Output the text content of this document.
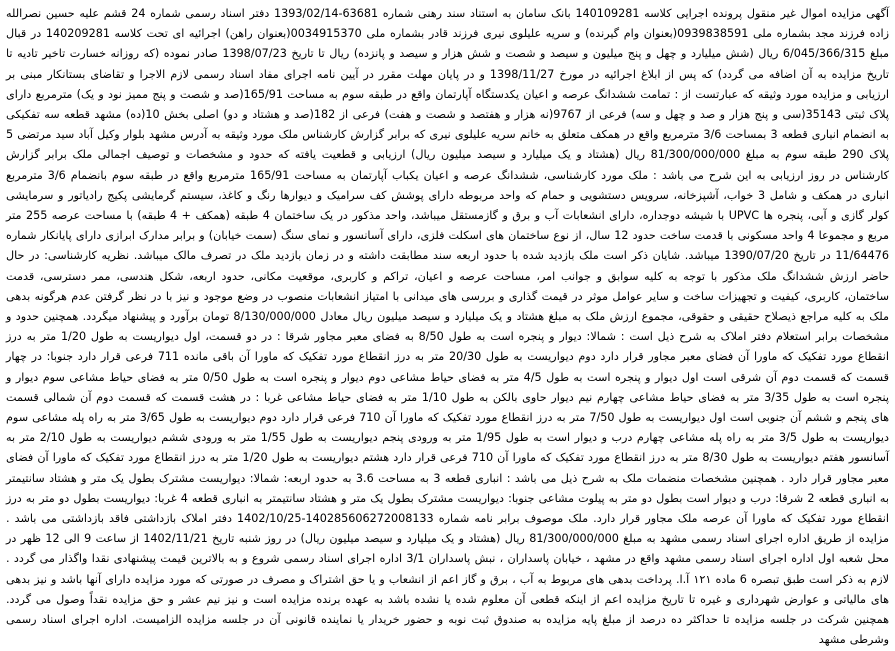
آگهی مزایده اموال غیر منقول پرونده اجرایی کلاسه 140109281 بانک سامان به استناد سند رهنی شماره 63681-1393/02/14 دفتر اسناد رسمی شماره 24 قشم علیه حسین نصرالله زاده فرزند مجد بشماره ملی 0939838591(بعنوان وام گیرنده) و سریه علیلوی نیری فرزند قادر بشماره ملی 0034915370(بعنوان راهن) اجرائیه ای تحت کلاسه 140209281 در قبال مبلغ 6/045/366/315 ریال (شش میلیارد و چهل و پنج میلیون و سیصد و شصت و شش هزار و سیصد و پانزده) ریال تا تاریخ 1398/07/23 صادر نموده (که روزانه خسارت تاخیر تادیه تا تاریخ مزایده به آن اضافه می گردد) که پس از ابلاغ اجرائیه در مورخ 1398/11/27 و در پایان مهلت مقرر در آیین نامه اجرای مفاد اسناد رسمی لازم الاجرا و تقاضای بستانکار مبنی بر ارزیابی و مزایده مورد وثیقه که عبارتست از : تمامت ششدانگ عرصه و اعیان یکدستگاه آپارتمان واقع در طبقه سوم به مساحت 165/91(صد و شصت و پنج ممیز نود و یک) مترمربع دارای پلاک ثبتی 35143(سی و پنج هزار و صد و چهل و سه) فرعی از 9767(نه هزار و هفتصد و شصت و هفت) فرعی از 182(صد و هشتاد و دو) اصلی بخش 10(ده) مشهد قطعه سه تفکیکی به انضمام انباری قطعه 3 بمساحت 3/6 مترمربع واقع در همکف متعلق به خانم سریه علیلوی نیری که برابر گزارش کارشناس ملک مورد وثیقه به آدرس مشهد بلوار وکیل آباد سید مرتضی 5 پلاک 290 طبقه سوم به مبلغ 81/300/000/000 ریال (هشتاد و یک میلیارد و سیصد میلیون ریال) ارزیابی و قطعیت یافته که حدود و مشخصات و توصیف اجمالی ملک برابر گزارش کارشناس در روز ارزیابی به این شرح می باشد : ملک مورد کارشناسی، ششدانگ عرصه و اعیان یکباب آپارتمان به مساحت 165/91 مترمربع واقع در طبقه سوم بانضمام 3/6 مترمربع انباری در همکف و شامل 3 خواب، آشپزخانه، سرویس دستشویی و حمام که واحد مربوطه دارای پوشش کف سرامیک و دیوارها رنگ و کاغذ، سیستم گرمایشی پکیج رادیاتور و سرمایشی کولر گازی و آبی، پنجره ها UPVC با شیشه دوجداره، دارای انشعابات آب و برق و گازمستقل میباشد، واحد مذکور در یک ساختمان 4 طبقه (همکف + 4 طبقه) با مساحت عرصه 255 متر مربع و مجموعا 4 واحد مسکونی با قدمت ساخت حدود 12 سال، از نوع ساختمان های اسکلت فلزی، دارای آسانسور و نمای سنگ (سمت خیابان) و برابر مدارک ابرازی دارای پایانکار شماره 11/64476 در تاریخ 1390/07/20 میباشد. شایان ذکر است ملک بازدید شده با حدود اربعه سند مطابقت داشته و در زمان بازدید ملک در تصرف مالک میباشد. نظریه کارشناسی: در حال حاضر ارزش ششدانگ ملک مذکور با توجه به کلیه سوابق و جوانب امر، مساحت عرصه و اعیان، تراکم و کاربری، موقعیت مکانی، حدود اربعه، شکل هندسی، ممر دسترسی، قدمت ساختمان، کاربری، کیفیت و تجهیزات ساخت و سایر عوامل موثر در قیمت گذاری و بررسی های میدانی با امتیاز انشعابات منصوب در وضع موجود و نیز با در نظر گرفتن عدم هرگونه بدهی ملک به کلیه مراجع ذیصلاح حقیقی و حقوقی، مجموع ارزش ملک به مبلغ هشتاد و یک میلیارد و سیصد میلیون ریال معادل 8/130/000/000 تومان برآورد و پیشنهاد میگردد. همچنین حدود و مشخصات برابر استعلام دفتر املاک به شرح ذیل است : شمالا: دیوار و پنجره است به طول 8/50 به فضای معبر مجاور شرقا : در دو قسمت، اول دیواریست به طول 1/20 متر به درز انقطاع مورد تفکیک که ماورا آن فضای معبر مجاور قرار دارد دوم دیواریست به طول 20/30 متر به درز انقطاع مورد تفکیک که ماورا آن باقی مانده 711 فرعی قرار دارد جنوبا: در چهار قسمت که قسمت دوم آن شرقی است اول دیوار و پنجره است به طول 4/5 متر به فضای حیاط مشاعی دوم دیوار و پنجره است به طول 0/50 متر به فضای حیاط مشاعی سوم دیوار و پنجره است به طول 3/35 متر به فضای حیاط مشاعی چهارم نیم دیوار حاوی بالکن به طول 1/10 متر به فضای حیاط مشاعی غربا : در هشت قسمت که قسمت دوم آن شمالی قسمت های پنجم و ششم آن جنوبی است اول دیواریست به طول 7/50 متر به درز انقطاع مورد تفکیک که ماورا آن 710 فرعی قرار دارد دوم دیواریست به طول 3/65 متر به راه پله مشاعی سوم دیواریست به طول 3/5 متر به راه پله مشاعی چهارم درب و دیوار است به طول 1/95 متر به ورودی پنجم دیواریست به طول 1/55 متر به ورودی ششم دیواریست به طول 2/10 متر به آسانسور هفتم دیواریست به طول 8/30 متر به درز انقطاع مورد تفکیک که ماورا آن 710 فرعی قرار دارد هشتم دیواریست به طول 1/20 متر به درز انقطاع مورد تفکیک که ماورا آن فضای معبر مجاور قرار دارد . همچنین مشخصات منضمات ملک به شرح ذیل می باشد : انباری قطعه 3 به مساحت 3.6 به حدود اربعه: شمالا: دیواریست مشترک بطول یک متر و هشتاد سانتیمتر به انباری قطعه 2 شرقا: درب و دیوار است بطول دو متر به پیلوت مشاعی جنوبا: دیواریست مشترک بطول یک متر و هشتاد سانتیمتر به انباری قطعه 4 غربا: دیواریست بطول دو متر به درز انقطاع مورد تفکیک که ماورا آن عرصه ملک مجاور قرار دارد. ملک موصوف برابر نامه شماره 140285606272008133-1402/10/25 دفتر املاک بازداشتی فاقد بازداشتی می باشد . مزایده از طریق اداره اجرای اسناد رسمی مشهد به مبلغ 81/300/000/000 ریال (هشتاد و یک میلیارد و سیصد میلیون ریال) در روز شنبه تاریخ 1402/11/21 از ساعت 9 الی 12 ظهر در محل شعبه اول اداره اجرای اسناد رسمی مشهد واقع در مشهد ، خیابان پاسداران ، نبش پاسداران 3/1 اداره اجرای اسناد رسمی شروع و به بالاترین قیمت پیشنهادی نقدا واگذار می گردد . لازم به ذکر است طبق تبصره 6 ماده ۱۲۱ آ.ا. پرداخت بدهی های مربوط به آب ، برق و گاز اعم از انشعاب و یا حق اشتراک و مصرف در صورتی که مورد مزایده دارای آنها باشد و نیز بدهی های مالیاتی و عوارض شهرداری و غیره تا تاریخ مزایده اعم از اینکه قطعی آن معلوم شده یا نشده باشد به عهده برنده مزایده است و نیز نیم عشر و حق مزایده نقداً وصول می گردد. همچنین شرکت در جلسه مزایده تا حداکثر ده درصد از مبلغ پایه مزایده به صندوق ثبت نوبه و حضور خریدار یا نماینده قانونی آن در جلسه مزایده الزامیست. اداره اجرای اسناد رسمی وشرطی مشهد
